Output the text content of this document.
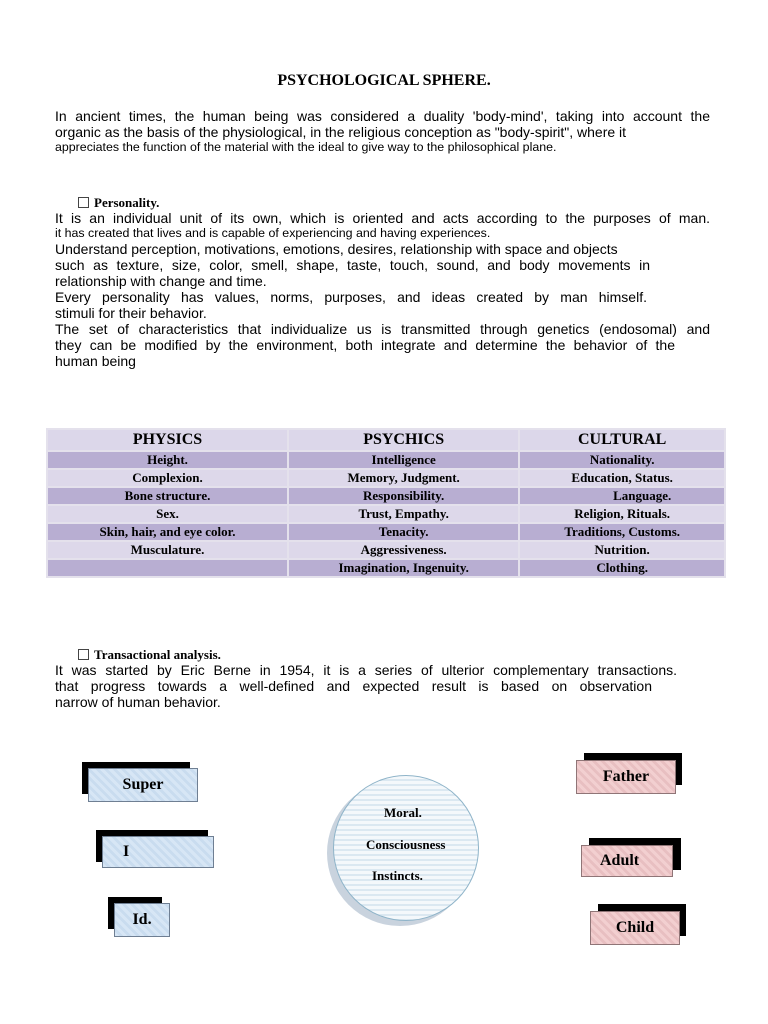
PSYCHOLOGICAL SPHERE.
In ancient times, the human being was considered a duality 'body-mind', taking into account the
organic as the basis of the physiological, in the religious conception as "body-spirit", where it
appreciates the function of the material with the ideal to give way to the philosophical plane.
Personality.
It is an individual unit of its own, which is oriented and acts according to the purposes of man.
it has created that lives and is capable of experiencing and having experiences.
Understand perception, motivations, emotions, desires, relationship with space and objects
such as texture, size, color, smell, shape, taste, touch, sound, and body movements in
relationship with change and time.
Every personality has values, norms, purposes, and ideas created by man himself.
stimuli for their behavior.
The set of characteristics that individualize us is transmitted through genetics (endosomal) and
they can be modified by the environment, both integrate and determine the behavior of the
human being
PHYSICS	PSYCHICS	CULTURAL
Height.	Intelligence	Nationality.
Complexion.	Memory, Judgment.	Education, Status.
Bone structure.	Responsibility.	Language.
Sex.	Trust, Empathy.	Religion, Rituals.
Skin, hair, and eye color.	Tenacity.	Traditions, Customs.
Musculature.	Aggressiveness.	Nutrition.
	Imagination, Ingenuity.	Clothing.
Transactional analysis.
It was started by Eric Berne in 1954, it is a series of ulterior complementary transactions.
that progress towards a well-defined and expected result is based on observation
narrow of human behavior.
Super
I
Id.
Moral.
Consciousness
Instincts.
Father
Adult
Child
